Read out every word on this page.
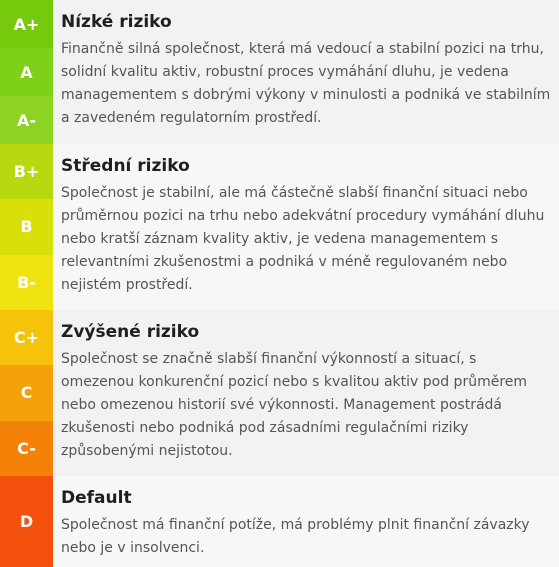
A+
A
A-
Nízké riziko

Finančně silná společnost, která má vedoucí a stabilní pozici na trhu, solidní kvalitu aktiv, robustní proces vymáhání dluhu, je vedena managementem s dobrými výkony v minulosti a podniká ve stabilním a zavedeném regulatorním prostředí.

B+
B
B-
Střední riziko

Společnost je stabilní, ale má částečně slabší finanční situaci nebo průměrnou pozici na trhu nebo adekvátní procedury vymáhání dluhu nebo kratší záznam kvality aktiv, je vedena managementem s relevantními zkušenostmi a podniká v méně regulovaném nebo nejistém prostředí.

C+
C
C-
Zvýšené riziko

Společnost se značně slabší finanční výkonností a situací, s omezenou konkurenční pozicí nebo s kvalitou aktiv pod průměrem nebo omezenou historií své výkonnosti. Management postrádá zkušenosti nebo podniká pod zásadními regulačními riziky způsobenými nejistotou.

D
Default

Společnost má finanční potíže, má problémy plnit finanční závazky nebo je v insolvenci.
